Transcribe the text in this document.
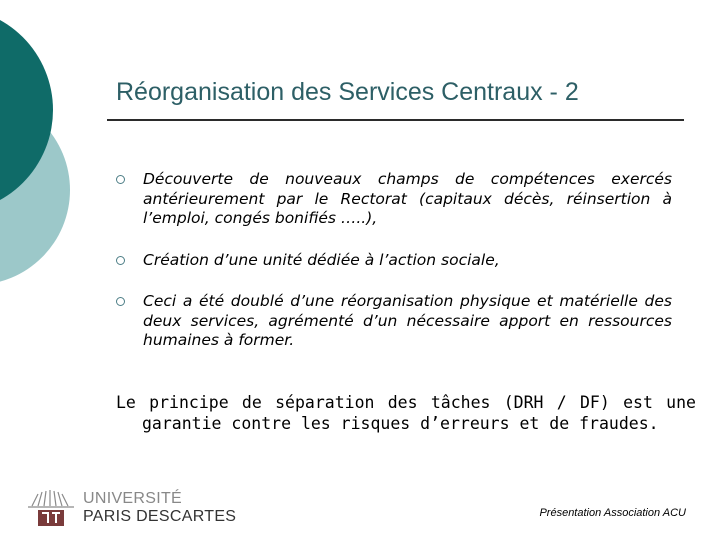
Réorganisation des Services Centraux - 2
Découverte de nouveaux champs de compétences exercés antérieurement par le Rectorat (capitaux décès, réinsertion à l’emploi, congés bonifiés …..),
Création d’une unité dédiée à l’action sociale,
Ceci a été doublé d’une réorganisation physique et matérielle des deux services, agrémenté d’un nécessaire apport en ressources humaines à former.
Le principe de séparation des tâches (DRH / DF) est une garantie contre les risques d’erreurs et de fraudes.
UNIVERSITÉ
PARIS DESCARTES	Présentation Association ACU
